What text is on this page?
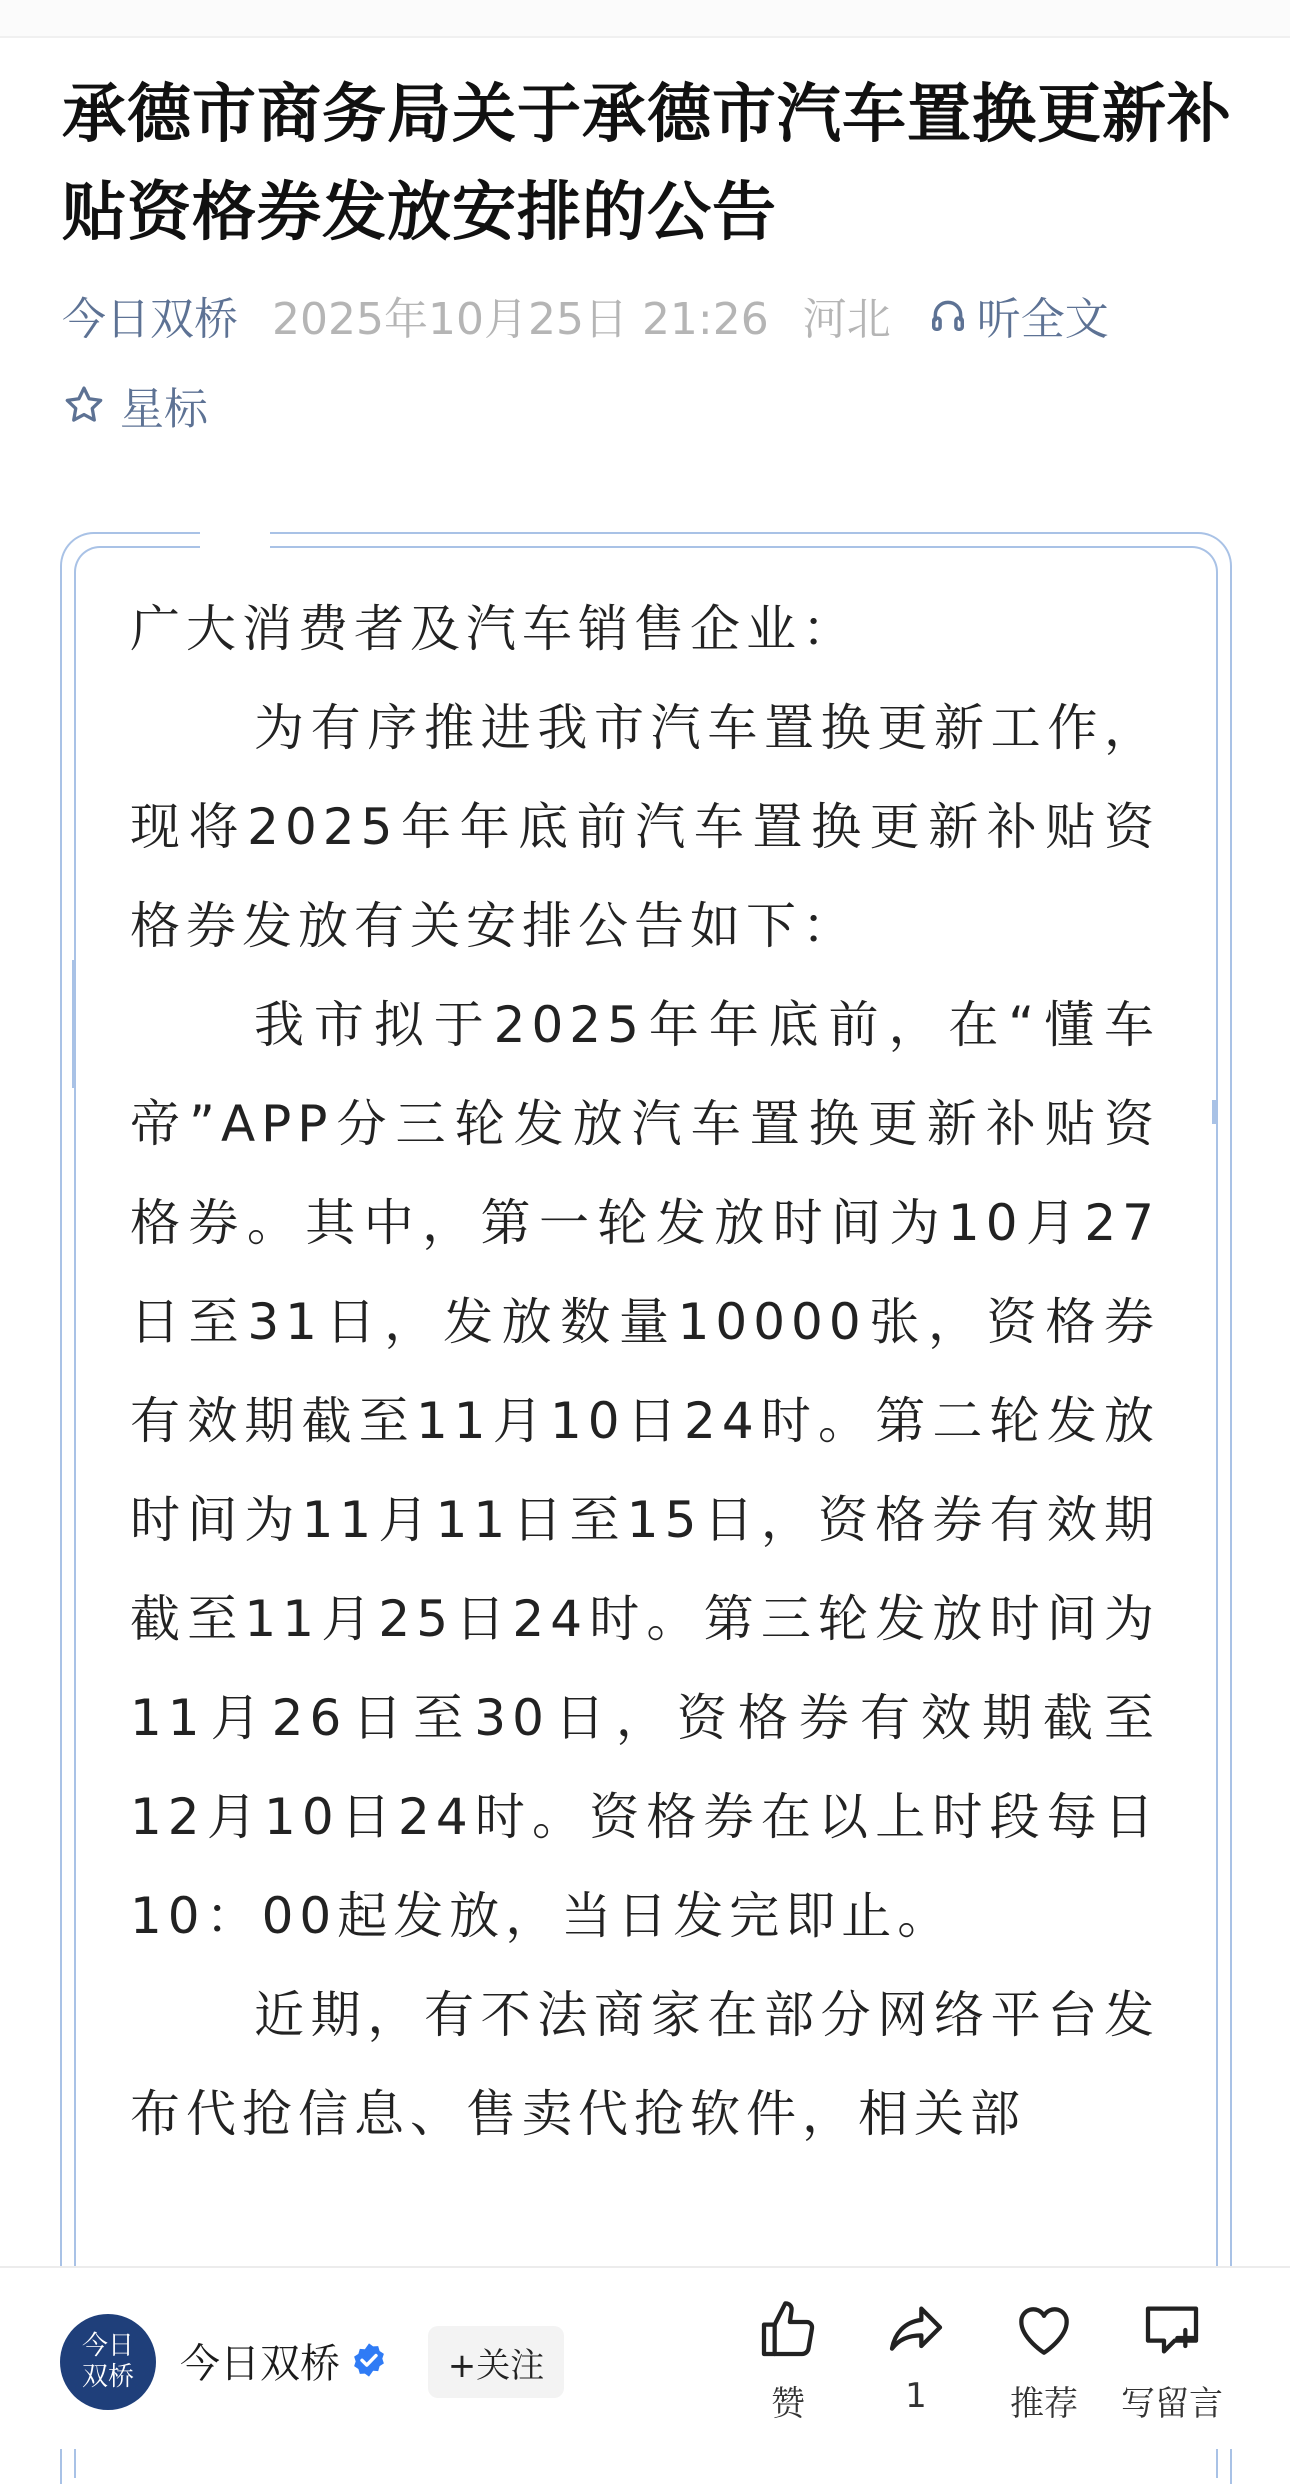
承德市商务局关于承德市汽车置换更新补贴资格券发放安排的公告
今日双桥 2025年10月25日 21:26 河北 听全文
星标

广大消费者及汽车销售企业：

为有序推进我市汽车置换更新工作，现将2025年年底前汽车置换更新补贴资格券发放有关安排公告如下：

我市拟于2025年年底前，在“懂车帝”APP分三轮发放汽车置换更新补贴资格券。其中，第一轮发放时间为10月27日至31日，发放数量10000张，资格券有效期截至11月10日24时。第二轮发放时间为11月11日至15日，资格券有效期截至11月25日24时。第三轮发放时间为11月26日至30日，资格券有效期截至12月10日24时。资格券在以上时段每日10：00起发放，当日发完即止。

近期，有不法商家在部分网络平台发布代抢信息、售卖代抢软件，相关部

今日
双桥 今日双桥	+关注
赞	1 推荐 写留言
